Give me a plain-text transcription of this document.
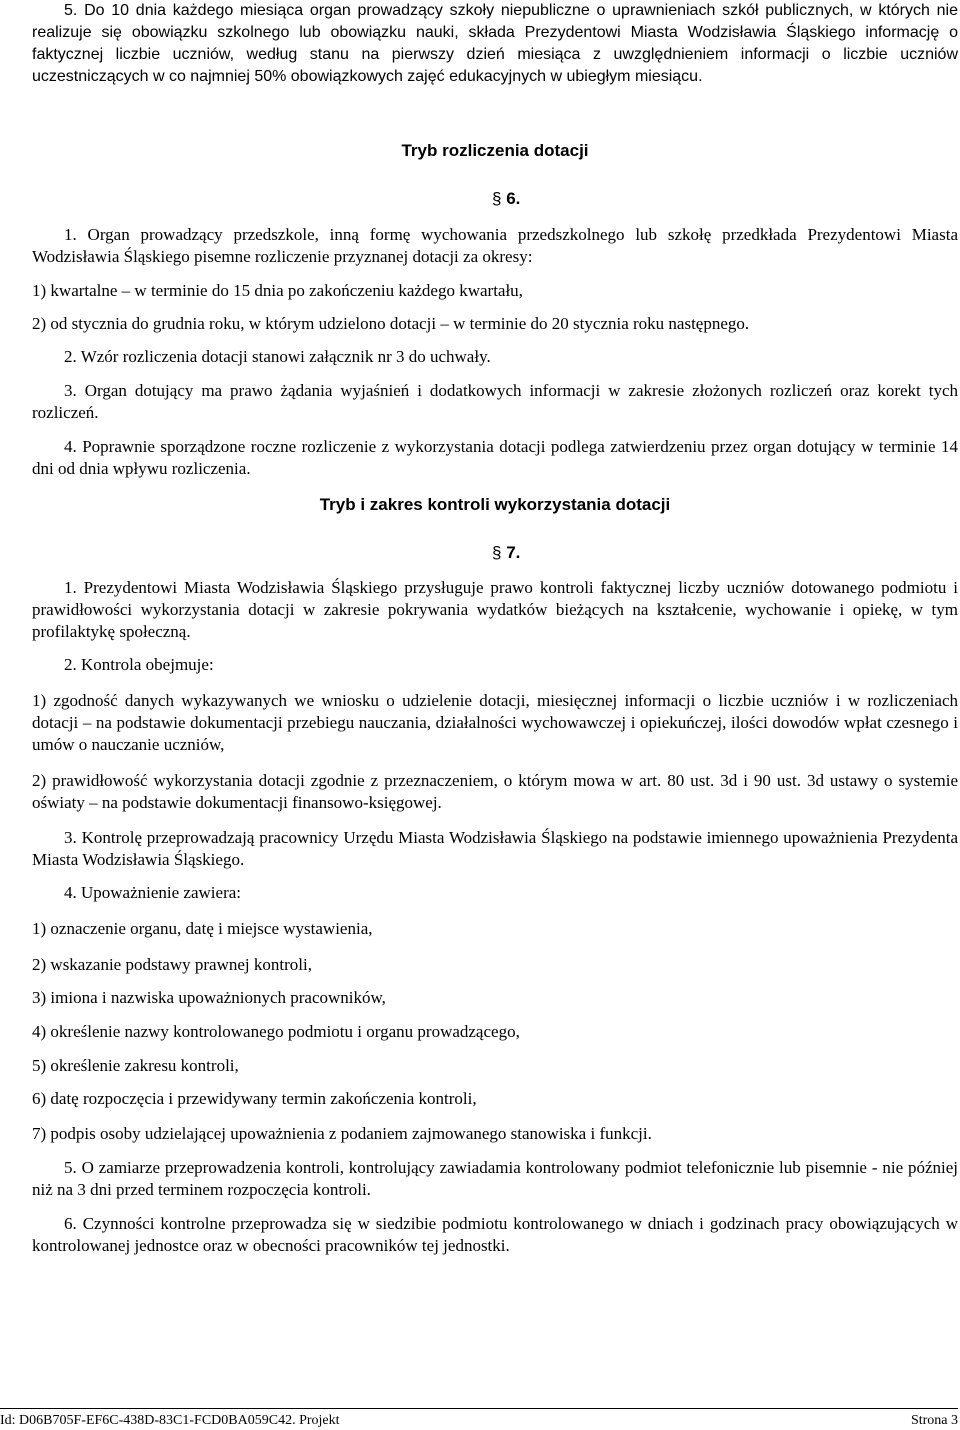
5. Do 10 dnia każdego miesiąca organ prowadzący szkoły niepubliczne o uprawnieniach szkół publicznych, w których nie realizuje się obowiązku szkolnego lub obowiązku nauki, składa Prezydentowi Miasta Wodzisławia Śląskiego informację o faktycznej liczbie uczniów, według stanu na pierwszy dzień miesiąca z uwzględnieniem informacji o liczbie uczniów uczestniczących w co najmniej 50% obowiązkowych zajęć edukacyjnych w ubiegłym miesiącu.

Tryb rozliczenia dotacji

§ 6.

1. Organ prowadzący przedszkole, inną formę wychowania przedszkolnego lub szkołę przedkłada Prezydentowi Miasta Wodzisławia Śląskiego pisemne rozliczenie przyznanej dotacji za okresy:

1) kwartalne – w terminie do 15 dnia po zakończeniu każdego kwartału,

2) od stycznia do grudnia roku, w którym udzielono dotacji – w terminie do 20 stycznia roku następnego.

2. Wzór rozliczenia dotacji stanowi załącznik nr 3 do uchwały.

3. Organ dotujący ma prawo żądania wyjaśnień i dodatkowych informacji w zakresie złożonych rozliczeń oraz korekt tych rozliczeń.

4. Poprawnie sporządzone roczne rozliczenie z wykorzystania dotacji podlega zatwierdzeniu przez organ dotujący w terminie 14 dni od dnia wpływu rozliczenia.

Tryb i zakres kontroli wykorzystania dotacji

§ 7.

1. Prezydentowi Miasta Wodzisławia Śląskiego przysługuje prawo kontroli faktycznej liczby uczniów dotowanego podmiotu i prawidłowości wykorzystania dotacji w zakresie pokrywania wydatków bieżących na kształcenie, wychowanie i opiekę, w tym profilaktykę społeczną.

2. Kontrola obejmuje:

1) zgodność danych wykazywanych we wniosku o udzielenie dotacji, miesięcznej informacji o liczbie uczniów i w rozliczeniach dotacji – na podstawie dokumentacji przebiegu nauczania, działalności wychowawczej i opiekuńczej, ilości dowodów wpłat czesnego i umów o nauczanie uczniów,

2) prawidłowość wykorzystania dotacji zgodnie z przeznaczeniem, o którym mowa w art. 80 ust. 3d i 90 ust. 3d ustawy o systemie oświaty – na podstawie dokumentacji finansowo-księgowej.

3. Kontrolę przeprowadzają pracownicy Urzędu Miasta Wodzisławia Śląskiego na podstawie imiennego upoważnienia Prezydenta Miasta Wodzisławia Śląskiego.

4. Upoważnienie zawiera:

1) oznaczenie organu, datę i miejsce wystawienia,

2) wskazanie podstawy prawnej kontroli,

3) imiona i nazwiska upoważnionych pracowników,

4) określenie nazwy kontrolowanego podmiotu i organu prowadzącego,

5) określenie zakresu kontroli,

6) datę rozpoczęcia i przewidywany termin zakończenia kontroli,

7) podpis osoby udzielającej upoważnienia z podaniem zajmowanego stanowiska i funkcji.

5. O zamiarze przeprowadzenia kontroli, kontrolujący zawiadamia kontrolowany podmiot telefonicznie lub pisemnie - nie później niż na 3 dni przed terminem rozpoczęcia kontroli.

6. Czynności kontrolne przeprowadza się w siedzibie podmiotu kontrolowanego w dniach i godzinach pracy obowiązujących w kontrolowanej jednostce oraz w obecności pracowników tej jednostki.

Id: D06B705F-EF6C-438D-83C1-FCD0BA059C42. Projekt	Strona 3
